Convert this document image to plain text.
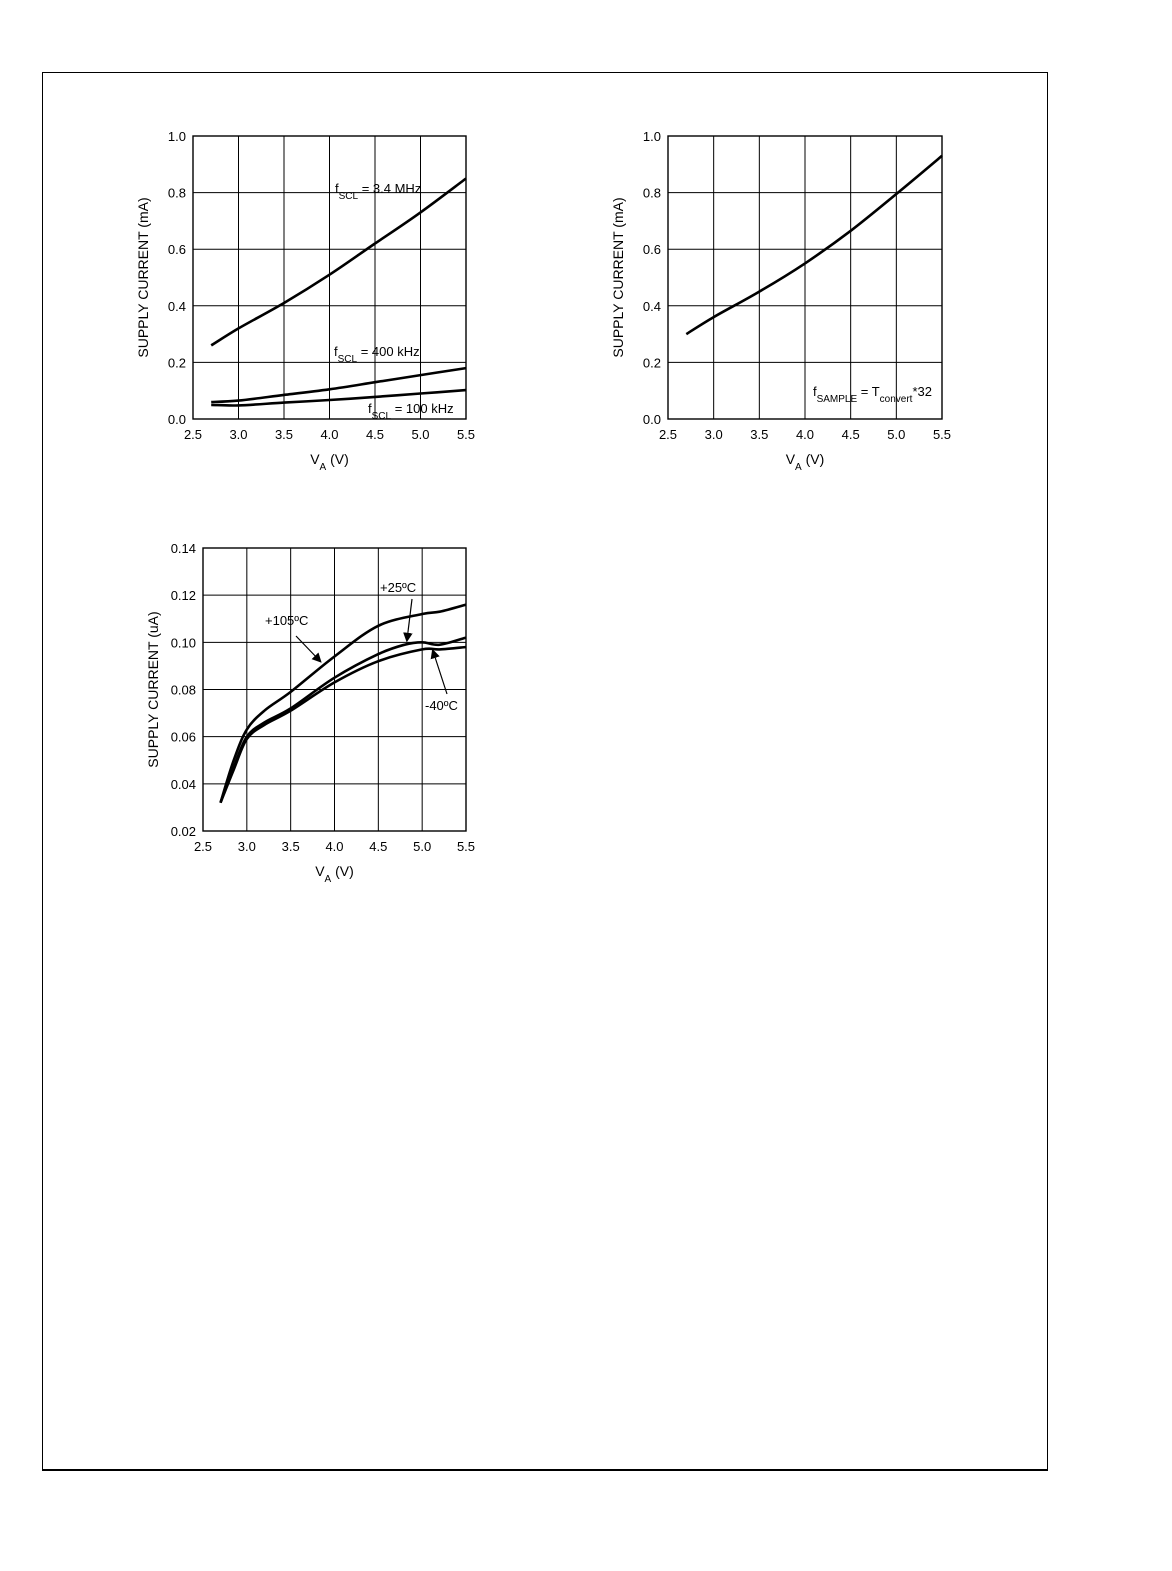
2.5 3.0 3.5 4.0 4.5 5.0 5.5
0.0
0.2
0.4
0.6
0.8
1.0
$V_A$ (V)
SUPPLY CURRENT (mA)
$f_{SCL} = 3.4$ MHz
$f_{SCL} = 400$ kHz
$f_{SCL} = 100$ kHz
2.5 3.0 3.5 4.0 4.5 5.0 5.5
0.0
0.2
0.4
0.6
0.8
1.0
$V_A$ (V)
SUPPLY CURRENT (mA)
$f_{SAMPLE} = T_{convert}*32$
2.5 3.0 3.5 4.0 4.5 5.0 5.5
0.02
0.04
0.06
0.08
0.10
0.12
0.14
$V_A$ (V)
SUPPLY CURRENT (uA)	+105ºC
+25ºC
-40ºC
